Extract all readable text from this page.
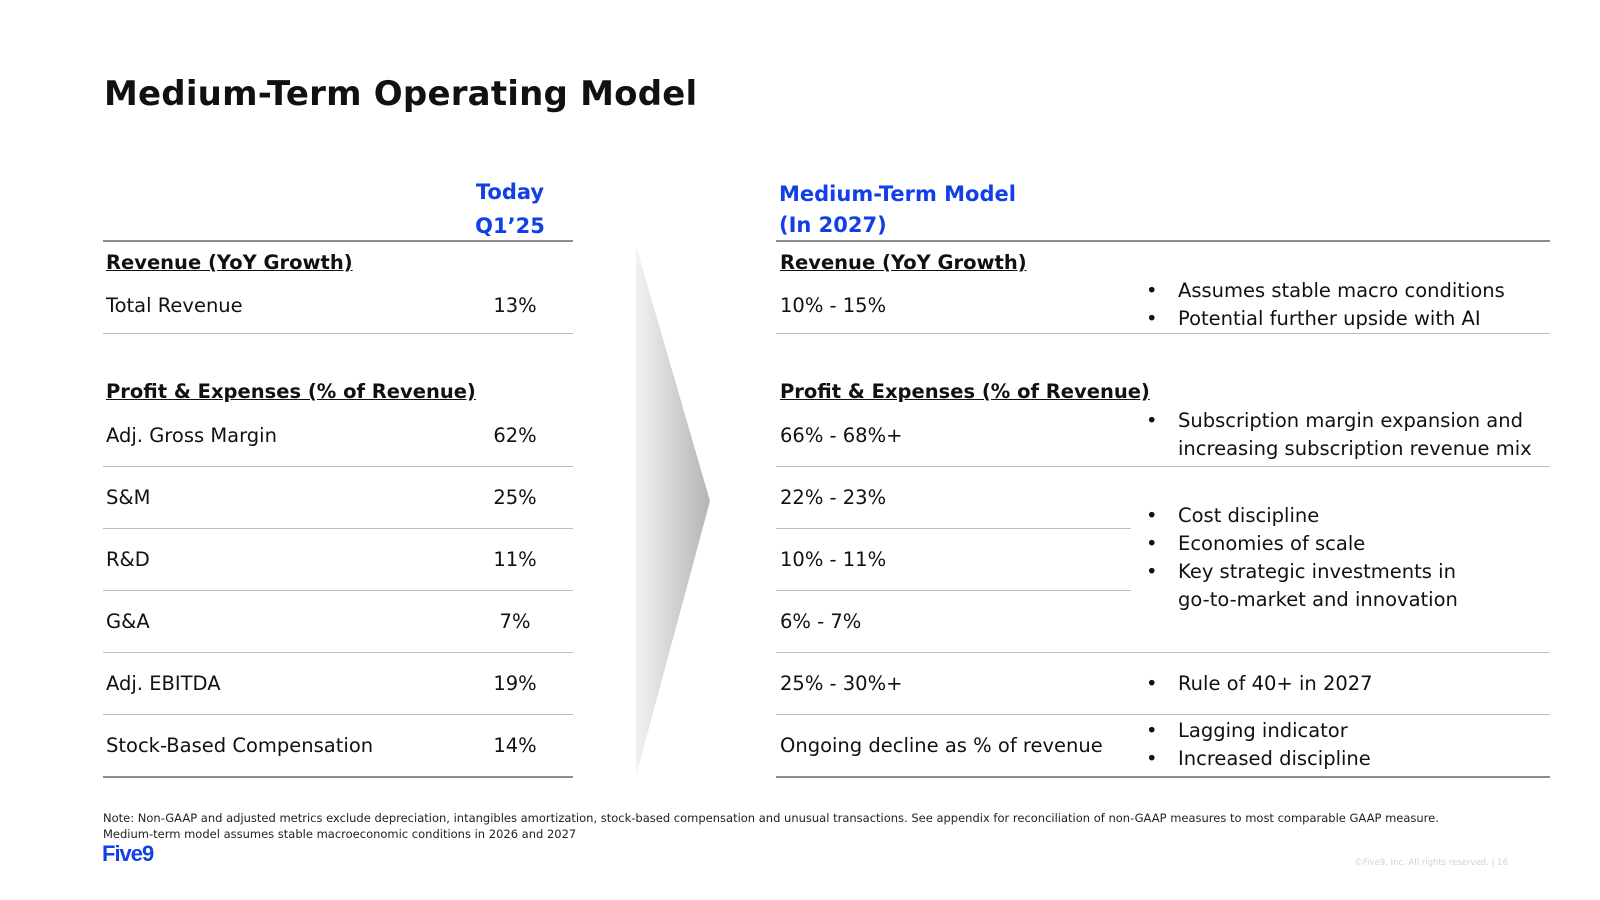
Medium-Term Operating Model
Today
Q1’25
Revenue (YoY Growth)
Total Revenue	13%
Profit & Expenses (% of Revenue)
Adj. Gross Margin	62%
S&M	25%
R&D	11%
G&A	7%
Adj. EBITDA	19%
Stock-Based Compensation	14%
Medium-Term Model
(In 2027)
Revenue (YoY Growth)
10% - 15%
• Assumes stable macro conditions
• Potential further upside with AI
Profit & Expenses (% of Revenue)
66% - 68%+
• Subscription margin expansion and
increasing subscription revenue mix
22% - 23%
10% - 11%
6% - 7%
• Cost discipline
• Economies of scale
• Key strategic investments in
go-to-market and innovation
25% - 30%+
•	Rule of 40+ in 2027
Ongoing decline as % of revenue
• Lagging indicator
• Increased discipline
Note: Non-GAAP and adjusted metrics exclude depreciation, intangibles amortization, stock-based compensation and unusual transactions. See appendix for reconciliation of non-GAAP measures to most comparable GAAP measure.
Medium-term model assumes stable macroeconomic conditions in 2026 and 2027
Five9	©Five9, Inc. All rights reserved. | 16
